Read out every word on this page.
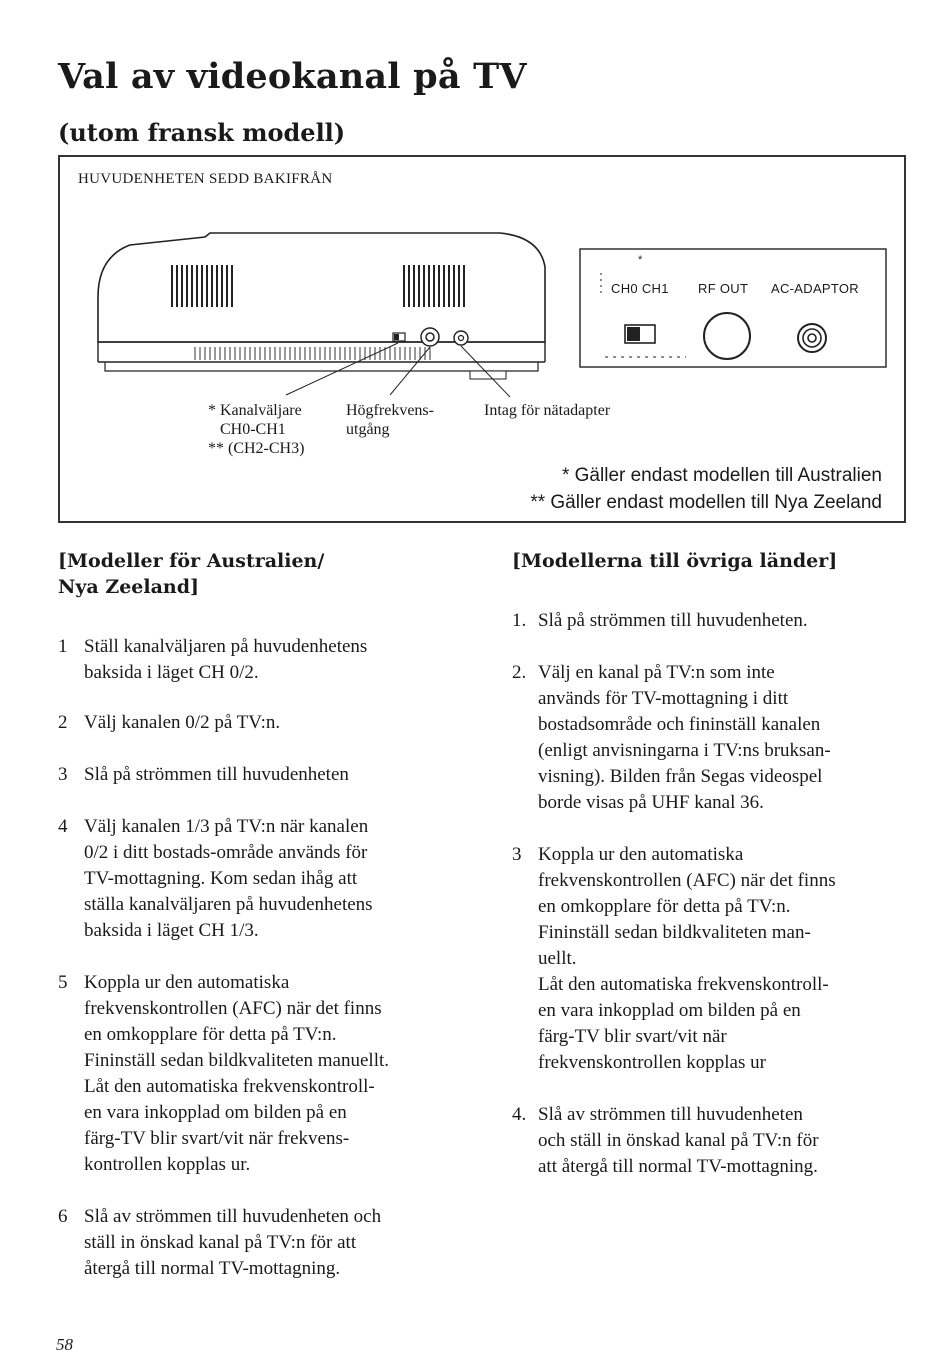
Val av videokanal på TV
(utom fransk modell)
HUVUDENHETEN SEDD BAKIFRÅN
*
CH0 CH1 RF OUT AC-ADAPTOR
* Kanalväljare
CH0-CH1
** (CH2-CH3)
Högfrekvens-
utgång
Intag för nätadapter
* Gäller endast modellen till Australien
** Gäller endast modellen till Nya Zeeland
[Modeller för Australien/
Nya Zeeland]
1 Ställ kanalväljaren på huvudenhetens
baksida i läget CH 0/2.
2 Välj kanalen 0/2 på TV:n.
3 Slå på strömmen till huvudenheten
4 Välj kanalen 1/3 på TV:n när kanalen
0/2 i ditt bostads-område används för
TV-mottagning. Kom sedan ihåg att
ställa kanalväljaren på huvudenhetens
baksida i läget CH 1/3.
5 Koppla ur den automatiska
frekvenskontrollen (AFC) när det finns
en omkopplare för detta på TV:n.
Fininställ sedan bildkvaliteten manuellt.
Låt den automatiska frekvenskontroll-
en vara inkopplad om bilden på en
färg-TV blir svart/vit när frekvens-
kontrollen kopplas ur.
6 Slå av strömmen till huvudenheten och
ställ in önskad kanal på TV:n för att
återgå till normal TV-mottagning.
[Modellerna till övriga länder]
1. Slå på strömmen till huvudenheten.
2. Välj en kanal på TV:n som inte
används för TV-mottagning i ditt
bostadsområde och fininställ kanalen
(enligt anvisningarna i TV:ns bruksan-
visning). Bilden från Segas videospel
borde visas på UHF kanal 36.
3 Koppla ur den automatiska
frekvenskontrollen (AFC) när det finns
en omkopplare för detta på TV:n.
Fininställ sedan bildkvaliteten man-
uellt.
Låt den automatiska frekvenskontroll-
en vara inkopplad om bilden på en
färg-TV blir svart/vit när
frekvenskontrollen kopplas ur
4. Slå av strömmen till huvudenheten
och ställ in önskad kanal på TV:n för
att återgå till normal TV-mottagning.
58
